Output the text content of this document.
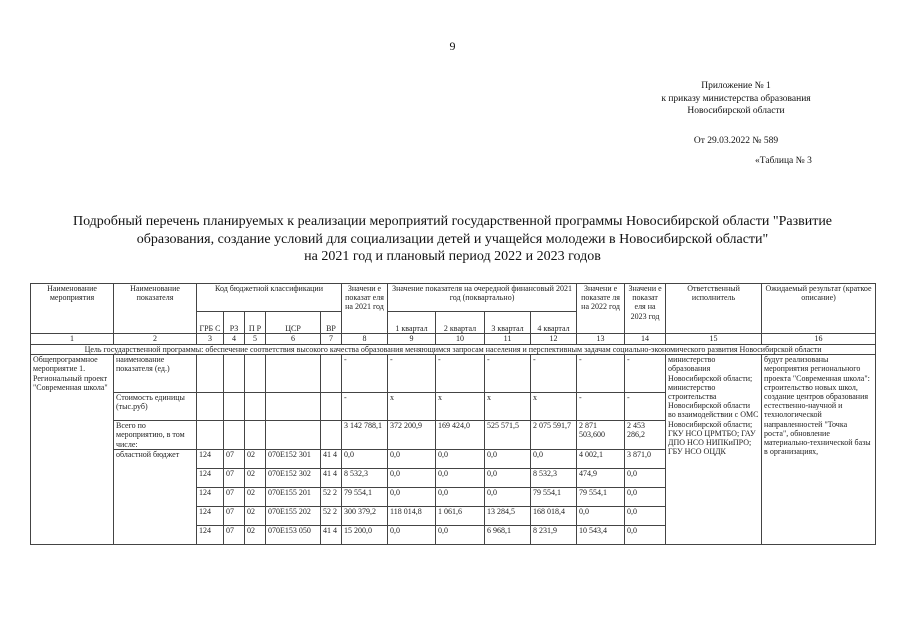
9
Приложение № 1
к приказу министерства образования
Новосибирской области
От 29.03.2022 № 589
«Таблица № 3
Подробный перечень планируемых к реализации мероприятий государственной программы Новосибирской области "Развитие
образования, создание условий для социализации детей и учащейся молодежи в Новосибирской области"
на 2021 год и плановый период 2022 и 2023 годов
Наименование мероприятия	Наименование показателя	Код бюджетной классификации					Значени е показат еля на 2021 год	Значение показателя на очередной финансовый 2021 год (поквартально)				Значени е показате ля на 2022 год	Значени е показат еля на 2023 год	Ответственный исполнитель	Ожидаемый результат (краткое описание)
		ГРБ С	РЗ	П Р	ЦСР	ВР		1 квартал	2 квартал	3 квартал	4 квартал				
1	2	3	4	5	6	7	8	9	10	11	12	13	14	15	16
Цель государственной программы: обеспечение соответствия высокого качества образования меняющимся запросам населения и перспективным задачам социально-экономического развития Новосибирской области															
Общепрограммное мероприятие 1. Региональный проект "Современная школа"	наименование показателя (ед.)						-	-	-	-	-	-	-	министерство образования Новосибирской области; министерство строительства Новосибирской области во взаимодействии с ОМС Новосибирской области; ГКУ НСО ЦРМТБО; ГАУ ДПО НСО НИПКиПРО; ГБУ НСО ОЦДК	будут реализованы мероприятия регионального проекта "Современная школа": строительство новых школ, создание центров образования естественно-научной и технологической направленностей "Точка роста", обновление материально-технической базы в организациях,
	Стоимость единицы (тыс.руб)						-	х	х	х	х	-	-		
	Всего по мероприятию, в том числе:						3 142 788,1	372 200,9	169 424,0	525 571,5	2 075 591,7	2 871 503,600	2 453 286,2		
	областной бюджет	124	07	02	070Е152 301	41 4	0,0	0,0	0,0	0,0	0,0	4 002,1	3 871,0		
		124	07	02	070Е152 302	41 4	8 532,3	0,0	0,0	0,0	8 532,3	474,9	0,0		
		124	07	02	070Е155 201	52 2	79 554,1	0,0	0,0	0,0	79 554,1	79 554,1	0,0		
		124	07	02	070Е155 202	52 2	300 379,2	118 014,8	1 061,6	13 284,5	168 018,4	0,0	0,0		
		124	07	02	070Е153 050	41 4	15 200,0	0,0	0,0	6 968,1	8 231,9	10 543,4	0,0		
